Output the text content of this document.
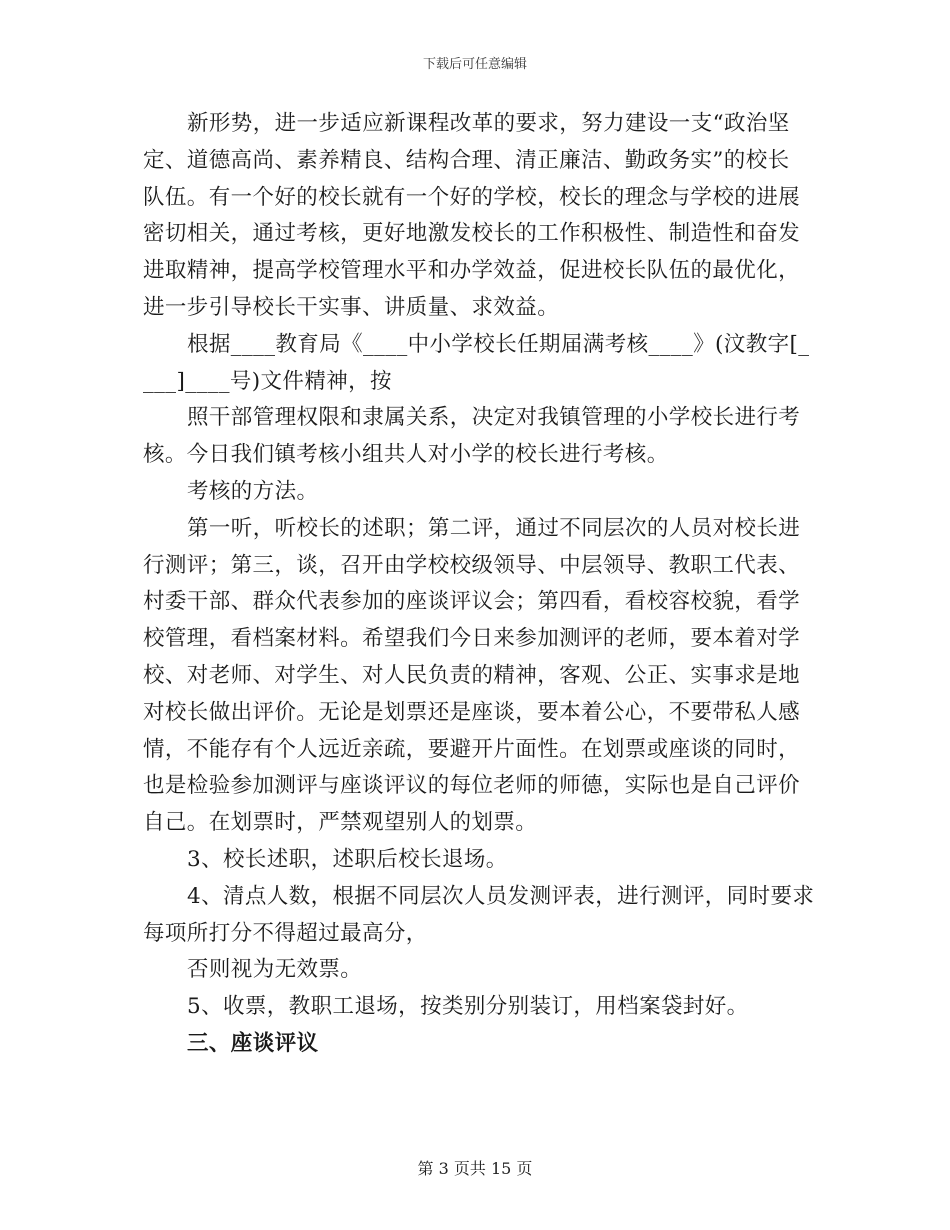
下载后可任意编辑
新形势，进一步适应新课程改革的要求，努力建设一支“政治坚
定、道德高尚、素养精良、结构合理、清正廉洁、勤政务实”的校长
队伍。有一个好的校长就有一个好的学校，校长的理念与学校的进展
密切相关，通过考核，更好地激发校长的工作积极性、制造性和奋发
进取精神，提高学校管理水平和办学效益，促进校长队伍的最优化，
进一步引导校长干实事、讲质量、求效益。
根据____教育局《____中小学校长任期届满考核____》(汶教字[_
___]____号)文件精神，按
照干部管理权限和隶属关系，决定对我镇管理的小学校长进行考
核。今日我们镇考核小组共人对小学的校长进行考核。
考核的方法。
第一听，听校长的述职；第二评，通过不同层次的人员对校长进
行测评；第三，谈，召开由学校校级领导、中层领导、教职工代表、
村委干部、群众代表参加的座谈评议会；第四看，看校容校貌，看学
校管理，看档案材料。希望我们今日来参加测评的老师，要本着对学
校、对老师、对学生、对人民负责的精神，客观、公正、实事求是地
对校长做出评价。无论是划票还是座谈，要本着公心，不要带私人感
情，不能存有个人远近亲疏，要避开片面性。在划票或座谈的同时，
也是检验参加测评与座谈评议的每位老师的师德，实际也是自己评价
自己。在划票时，严禁观望别人的划票。
3、校长述职，述职后校长退场。
4、清点人数，根据不同层次人员发测评表，进行测评，同时要求
每项所打分不得超过最高分，
否则视为无效票。
5、收票，教职工退场，按类别分别装订，用档案袋封好。
三、座谈评议
第 3 页共 15 页
